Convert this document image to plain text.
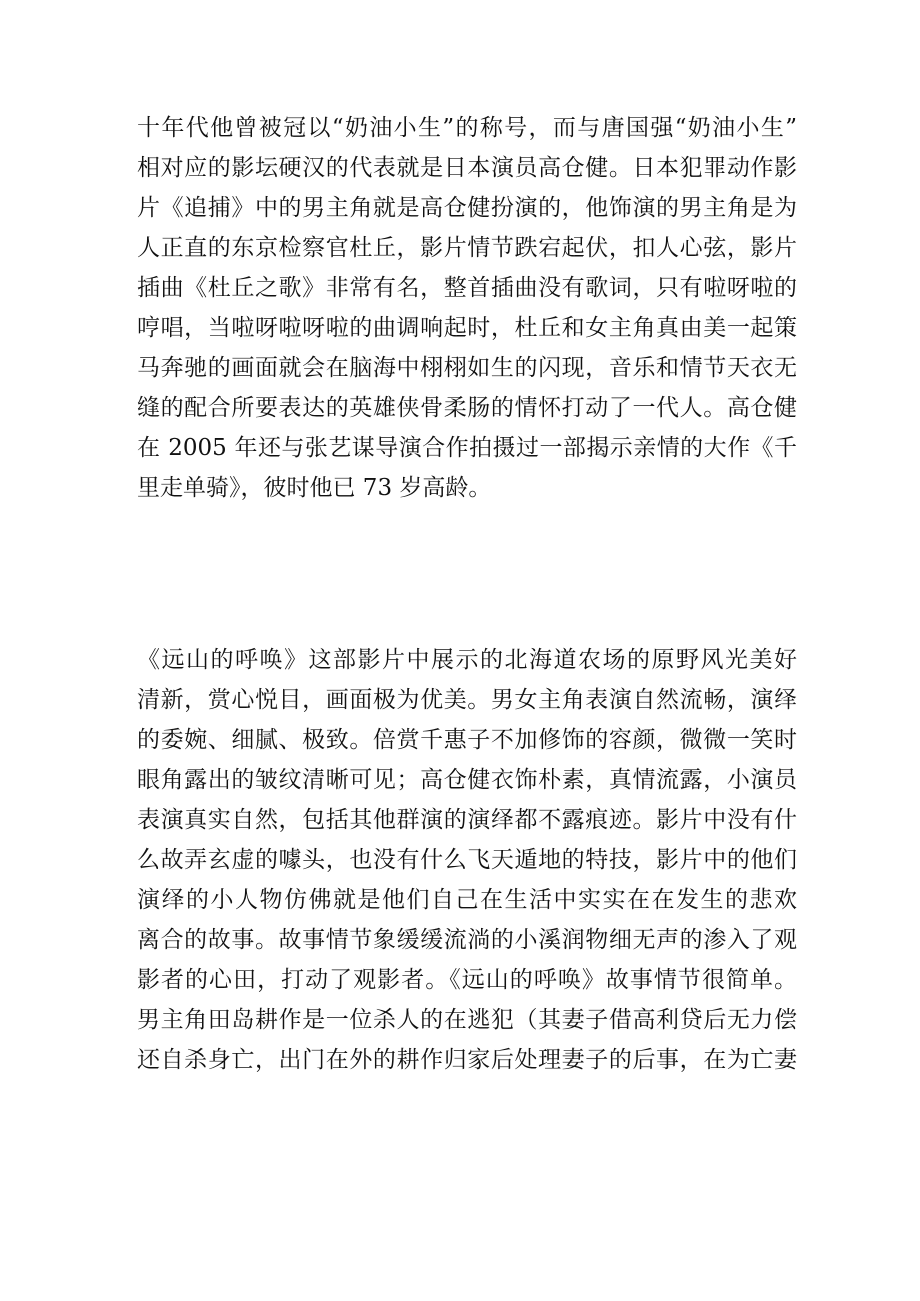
十年代他曾被冠以“奶油小生”的称号，而与唐国强“奶油小生”
相对应的影坛硬汉的代表就是日本演员高仓健。日本犯罪动作影
片《追捕》中的男主角就是高仓健扮演的，他饰演的男主角是为
人正直的东京检察官杜丘，影片情节跌宕起伏，扣人心弦，影片
插曲《杜丘之歌》非常有名，整首插曲没有歌词，只有啦呀啦的
哼唱，当啦呀啦呀啦的曲调响起时，杜丘和女主角真由美一起策
马奔驰的画面就会在脑海中栩栩如生的闪现，音乐和情节天衣无
缝的配合所要表达的英雄侠骨柔肠的情怀打动了一代人。高仓健
在 2005 年还与张艺谋导演合作拍摄过一部揭示亲情的大作《千
里走单骑》，彼时他已 73 岁高龄。
《远山的呼唤》这部影片中展示的北海道农场的原野风光美好
清新，赏心悦目，画面极为优美。男女主角表演自然流畅，演绎
的委婉、细腻、极致。倍赏千惠子不加修饰的容颜，微微一笑时
眼角露出的皱纹清晰可见；高仓健衣饰朴素，真情流露，小演员
表演真实自然，包括其他群演的演绎都不露痕迹。影片中没有什
么故弄玄虚的噱头，也没有什么飞天遁地的特技，影片中的他们
演绎的小人物仿佛就是他们自己在生活中实实在在发生的悲欢
离合的故事。故事情节象缓缓流淌的小溪润物细无声的渗入了观
影者的心田，打动了观影者。《远山的呼唤》故事情节很简单。
男主角田岛耕作是一位杀人的在逃犯（其妻子借高利贷后无力偿
还自杀身亡，出门在外的耕作归家后处理妻子的后事，在为亡妻
